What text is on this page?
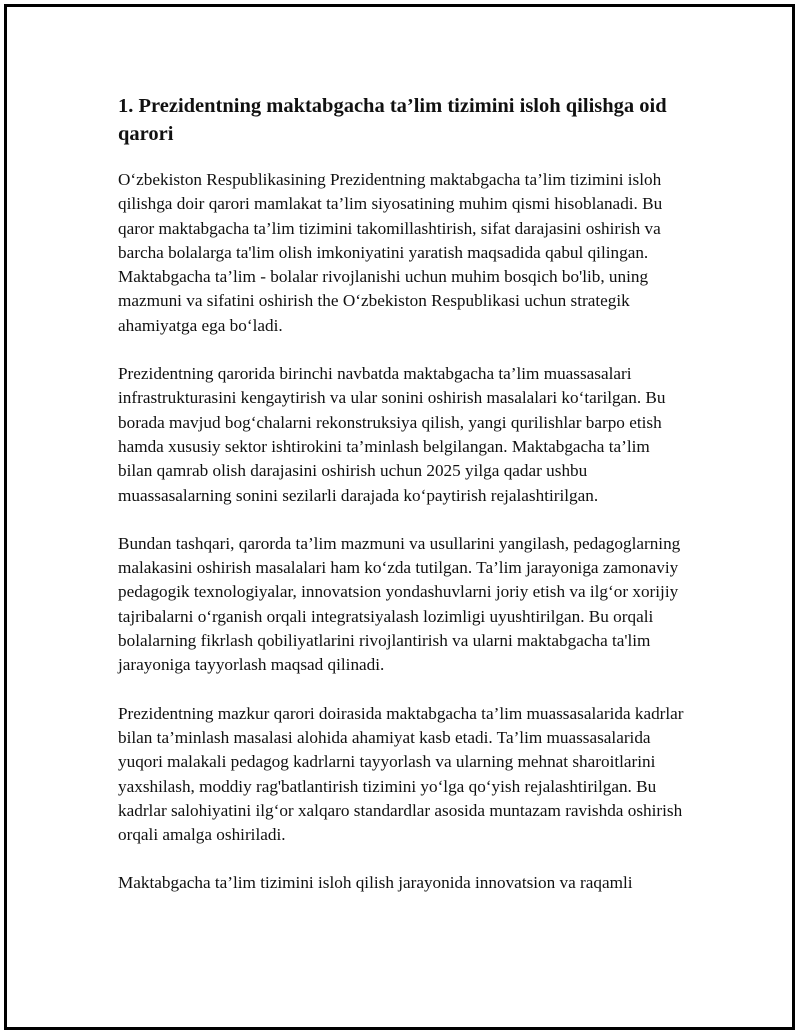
1. Prezidentning maktabgacha ta’lim tizimini isloh qilishga oid qarori

O‘zbekiston Respublikasining Prezidentning maktabgacha ta’lim tizimini isloh qilishga doir qarori mamlakat ta’lim siyosatining muhim qismi hisoblanadi. Bu qaror maktabgacha ta’lim tizimini takomillashtirish, sifat darajasini oshirish va barcha bolalarga ta'lim olish imkoniyatini yaratish maqsadida qabul qilingan. Maktabgacha ta’lim - bolalar rivojlanishi uchun muhim bosqich bo'lib, uning mazmuni va sifatini oshirish the O‘zbekiston Respublikasi uchun strategik ahamiyatga ega bo‘ladi.

Prezidentning qarorida birinchi navbatda maktabgacha ta’lim muassasalari infrastrukturasini kengaytirish va ular sonini oshirish masalalari ko‘tarilgan. Bu borada mavjud bog‘chalarni rekonstruksiya qilish, yangi qurilishlar barpo etish hamda xususiy sektor ishtirokini ta’minlash belgilangan. Maktabgacha ta’lim bilan qamrab olish darajasini oshirish uchun 2025 yilga qadar ushbu muassasalarning sonini sezilarli darajada ko‘paytirish rejalashtirilgan.

Bundan tashqari, qarorda ta’lim mazmuni va usullarini yangilash, pedagoglarning malakasini oshirish masalalari ham ko‘zda tutilgan. Ta’lim jarayoniga zamonaviy pedagogik texnologiyalar, innovatsion yondashuvlarni joriy etish va ilg‘or xorijiy tajribalarni o‘rganish orqali integratsiyalash lozimligi uyushtirilgan. Bu orqali bolalarning fikrlash qobiliyatlarini rivojlantirish va ularni maktabgacha ta'lim jarayoniga tayyorlash maqsad qilinadi.

Prezidentning mazkur qarori doirasida maktabgacha ta’lim muassasalarida kadrlar bilan ta’minlash masalasi alohida ahamiyat kasb etadi. Ta’lim muassasalarida yuqori malakali pedagog kadrlarni tayyorlash va ularning mehnat sharoitlarini yaxshilash, moddiy rag'batlantirish tizimini yo‘lga qo‘yish rejalashtirilgan. Bu kadrlar salohiyatini ilg‘or xalqaro standardlar asosida muntazam ravishda oshirish orqali amalga oshiriladi.

Maktabgacha ta’lim tizimini isloh qilish jarayonida innovatsion va raqamli
